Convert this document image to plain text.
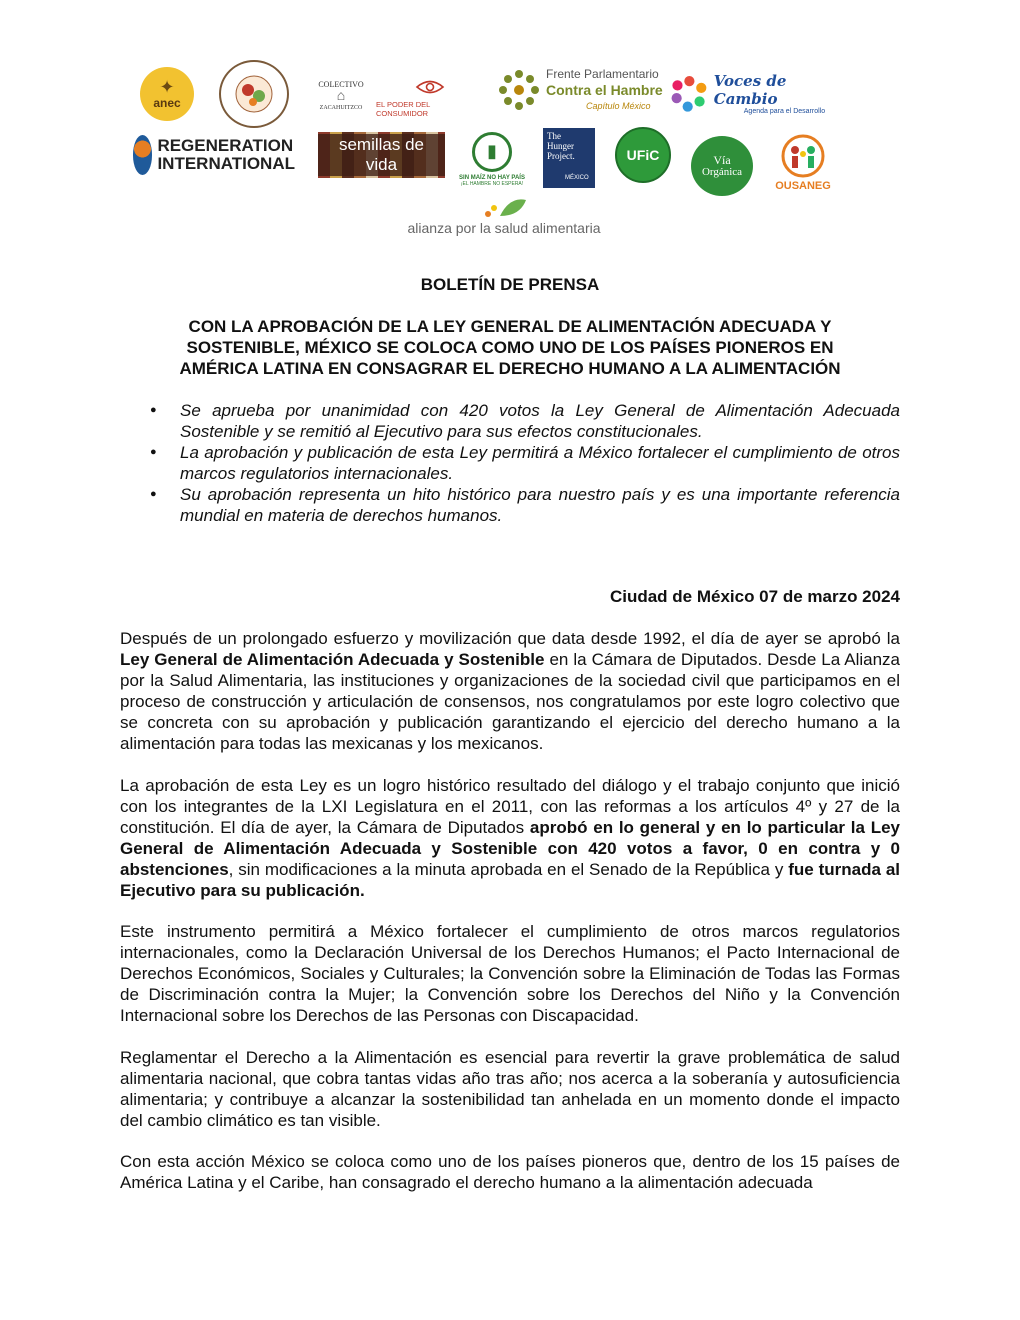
✦
anec
COLECTIVO
⌂
ZACAHUITZCO EL PODER DEL CONSUMIDOR
Frente Parlamentario
Contra el Hambre
Capítulo México
Voces de Cambio
Agenda para el Desarrollo
REGENERATION
INTERNATIONAL
semillas de vida
▮
SIN MAÍZ NO HAY PAÍS
¡EL HAMBRE NO ESPERA!
The
Hunger
Project.
MÉXICO
UFiC	Vía
Orgánica
OUSANEG
alianza por la salud alimentaria
BOLETÍN DE PRENSA
CON LA APROBACIÓN DE LA LEY GENERAL DE ALIMENTACIÓN ADECUADA Y
SOSTENIBLE, MÉXICO SE COLOCA COMO UNO DE LOS PAÍSES PIONEROS EN
AMÉRICA LATINA EN CONSAGRAR EL DERECHO HUMANO A LA ALIMENTACIÓN
● Se aprueba por unanimidad con 420 votos la Ley General de Alimentación Adecuada Sostenible y se remitió al Ejecutivo para sus efectos constitucionales.
● La aprobación y publicación de esta Ley permitirá a México fortalecer el cumplimiento de otros marcos regulatorios internacionales.
● Su aprobación representa un hito histórico para nuestro país y es una importante referencia mundial en materia de derechos humanos.
Ciudad de México 07 de marzo 2024

Después de un prolongado esfuerzo y movilización que data desde 1992, el día de ayer se aprobó la Ley General de Alimentación Adecuada y Sostenible en la Cámara de Diputados. Desde La Alianza por la Salud Alimentaria, las instituciones y organizaciones de la sociedad civil que participamos en el proceso de construcción y articulación de consensos, nos congratulamos por este logro colectivo que se concreta con su aprobación y publicación garantizando el ejercicio del derecho humano a la alimentación para todas las mexicanas y los mexicanos.

La aprobación de esta Ley es un logro histórico resultado del diálogo y el trabajo conjunto que inició con los integrantes de la LXI Legislatura en el 2011, con las reformas a los artículos 4º y 27 de la constitución. El día de ayer, la Cámara de Diputados aprobó en lo general y en lo particular la Ley General de Alimentación Adecuada y Sostenible con 420 votos a favor, 0 en contra y 0 abstenciones, sin modificaciones a la minuta aprobada en el Senado de la República y fue turnada al Ejecutivo para su publicación.

Este instrumento permitirá a México fortalecer el cumplimiento de otros marcos regulatorios internacionales, como la Declaración Universal de los Derechos Humanos; el Pacto Internacional de Derechos Económicos, Sociales y Culturales; la Convención sobre la Eliminación de Todas las Formas de Discriminación contra la Mujer; la Convención sobre los Derechos del Niño y la Convención Internacional sobre los Derechos de las Personas con Discapacidad.

Reglamentar el Derecho a la Alimentación es esencial para revertir la grave problemática de salud alimentaria nacional, que cobra tantas vidas año tras año; nos acerca a la soberanía y autosuficiencia alimentaria; y contribuye a alcanzar la sostenibilidad tan anhelada en un momento donde el impacto del cambio climático es tan visible.

Con esta acción México se coloca como uno de los países pioneros que, dentro de los 15 países de América Latina y el Caribe, han consagrado el derecho humano a la alimentación adecuada
